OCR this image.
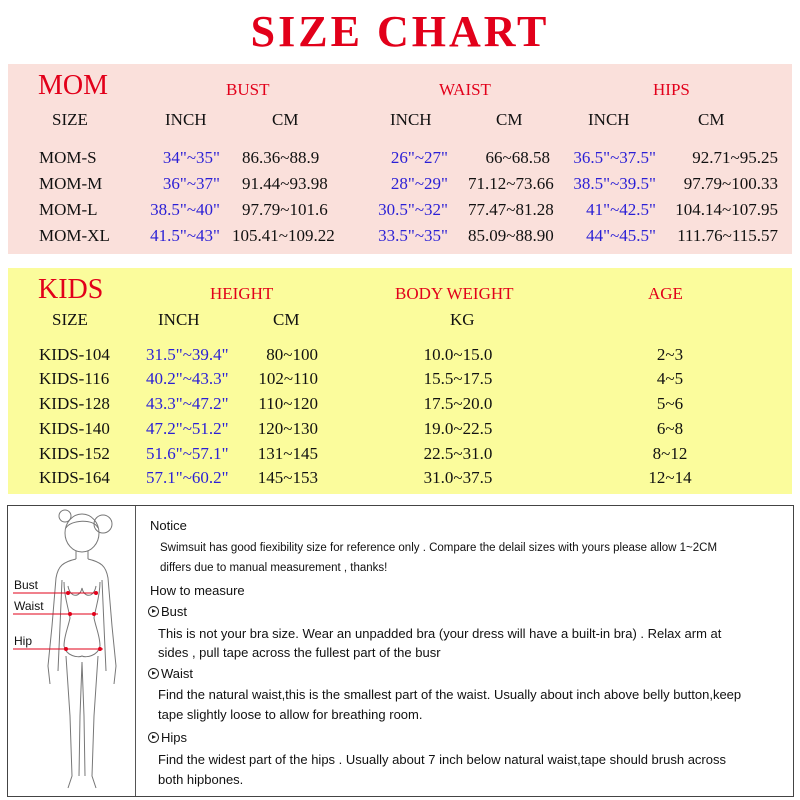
SIZE CHART
MOM	BUST	WAIST	HIPS
SIZE	INCH	CM	INCH	CM	INCH	CM
MOM-S	34"~35" 86.36~88.9	26"~27"	66~68.58	36.5"~37.5"	92.71~95.25
MOM-M	36"~37" 91.44~93.98	28"~29" 71.12~73.66	38.5"~39.5"	97.79~100.33
MOM-L	38.5"~40" 97.79~101.6	30.5"~32" 77.47~81.28	41"~42.5"	104.14~107.95
MOM-XL	41.5"~43" 105.41~109.22	33.5"~35" 85.09~88.90	44"~45.5"	111.76~115.57
KIDS	HEIGHT	BODY WEIGHT	AGE
SIZE	INCH	CM	KG
KIDS-104 31.5"~39.4"	80~100	10.0~15.0	2~3
KIDS-116 40.2"~43.3"	102~110	15.5~17.5	4~5
KIDS-128 43.3"~47.2"	110~120	17.5~20.0	5~6
KIDS-140 47.2"~51.2"	120~130	19.0~22.5	6~8
KIDS-152 51.6"~57.1"	131~145	22.5~31.0	8~12
KIDS-164 57.1"~60.2"	145~153	31.0~37.5	12~14
Bust
Waist
Hip
Notice
Swimsuit has good fiexibility size for reference only . Compare the delail sizes with yours please allow 1~2CM
differs due to manual measurement , thanks!
How to measure
Bust
This is not your bra size. Wear an unpadded bra (your dress will have a built-in bra) . Relax arm at
sides , pull tape across the fullest part of the busr
Waist
Find the natural waist,this is the smallest part of the waist. Usually about inch above belly button,keep
tape slightly loose to allow for breathing room.
Hips
Find the widest part of the hips . Usually about 7 inch below natural waist,tape should brush across
both hipbones.
